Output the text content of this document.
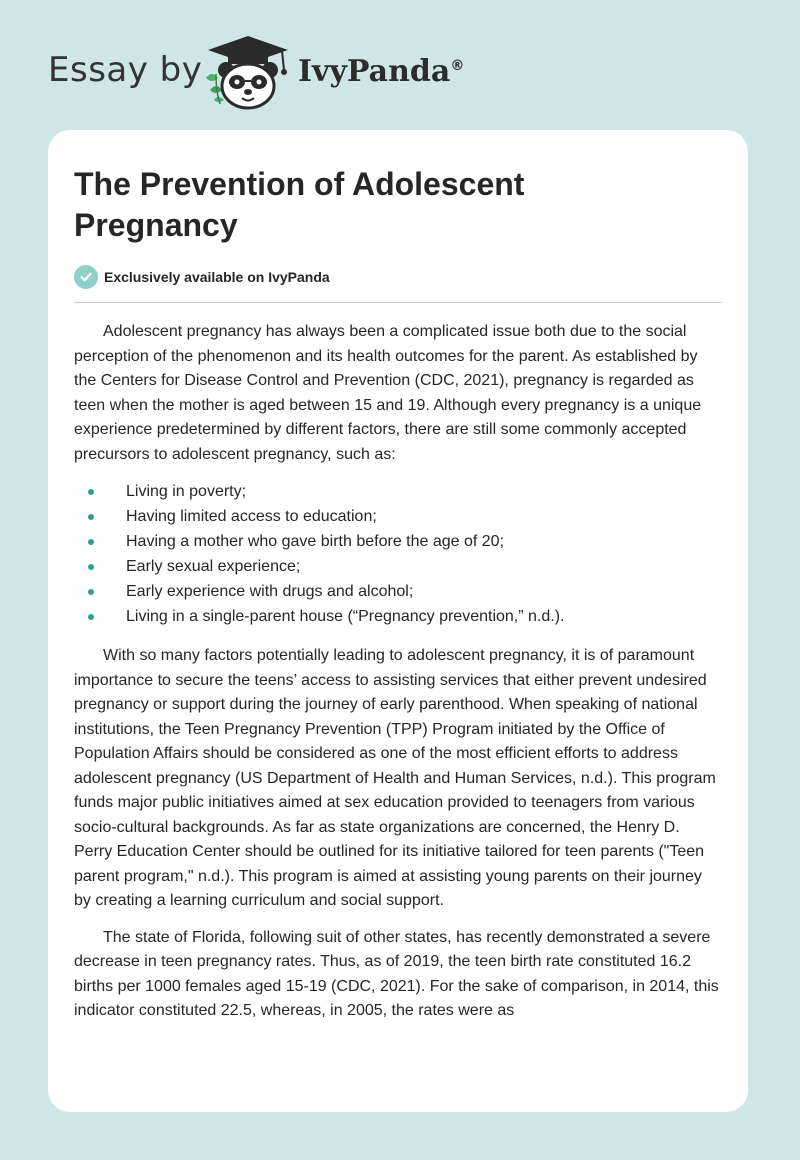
Essay by	IvyPanda®
The Prevention of Adolescent Pregnancy
Exclusively available on IvyPanda

Adolescent pregnancy has always been a complicated issue both due to the social perception of the phenomenon and its health outcomes for the parent. As established by the Centers for Disease Control and Prevention (CDC, 2021), pregnancy is regarded as teen when the mother is aged between 15 and 19. Although every pregnancy is a unique experience predetermined by different factors, there are still some commonly accepted precursors to adolescent pregnancy, such as:

Living in poverty;
Having limited access to education;
Having a mother who gave birth before the age of 20;
Early sexual experience;
Early experience with drugs and alcohol;
Living in a single-parent house (“Pregnancy prevention,” n.d.).

With so many factors potentially leading to adolescent pregnancy, it is of paramount importance to secure the teens’ access to assisting services that either prevent undesired pregnancy or support during the journey of early parenthood. When speaking of national institutions, the Teen Pregnancy Prevention (TPP) Program initiated by the Office of Population Affairs should be considered as one of the most efficient efforts to address adolescent pregnancy (US Department of Health and Human Services, n.d.). This program funds major public initiatives aimed at sex education provided to teenagers from various socio-cultural backgrounds. As far as state organizations are concerned, the Henry D. Perry Education Center should be outlined for its initiative tailored for teen parents ("Teen parent program," n.d.). This program is aimed at assisting young parents on their journey by creating a learning curriculum and social support.

The state of Florida, following suit of other states, has recently demonstrated a severe decrease in teen pregnancy rates. Thus, as of 2019, the teen birth rate constituted 16.2 births per 1000 females aged 15-19 (CDC, 2021). For the sake of comparison, in 2014, this indicator constituted 22.5, whereas, in 2005, the rates were as
